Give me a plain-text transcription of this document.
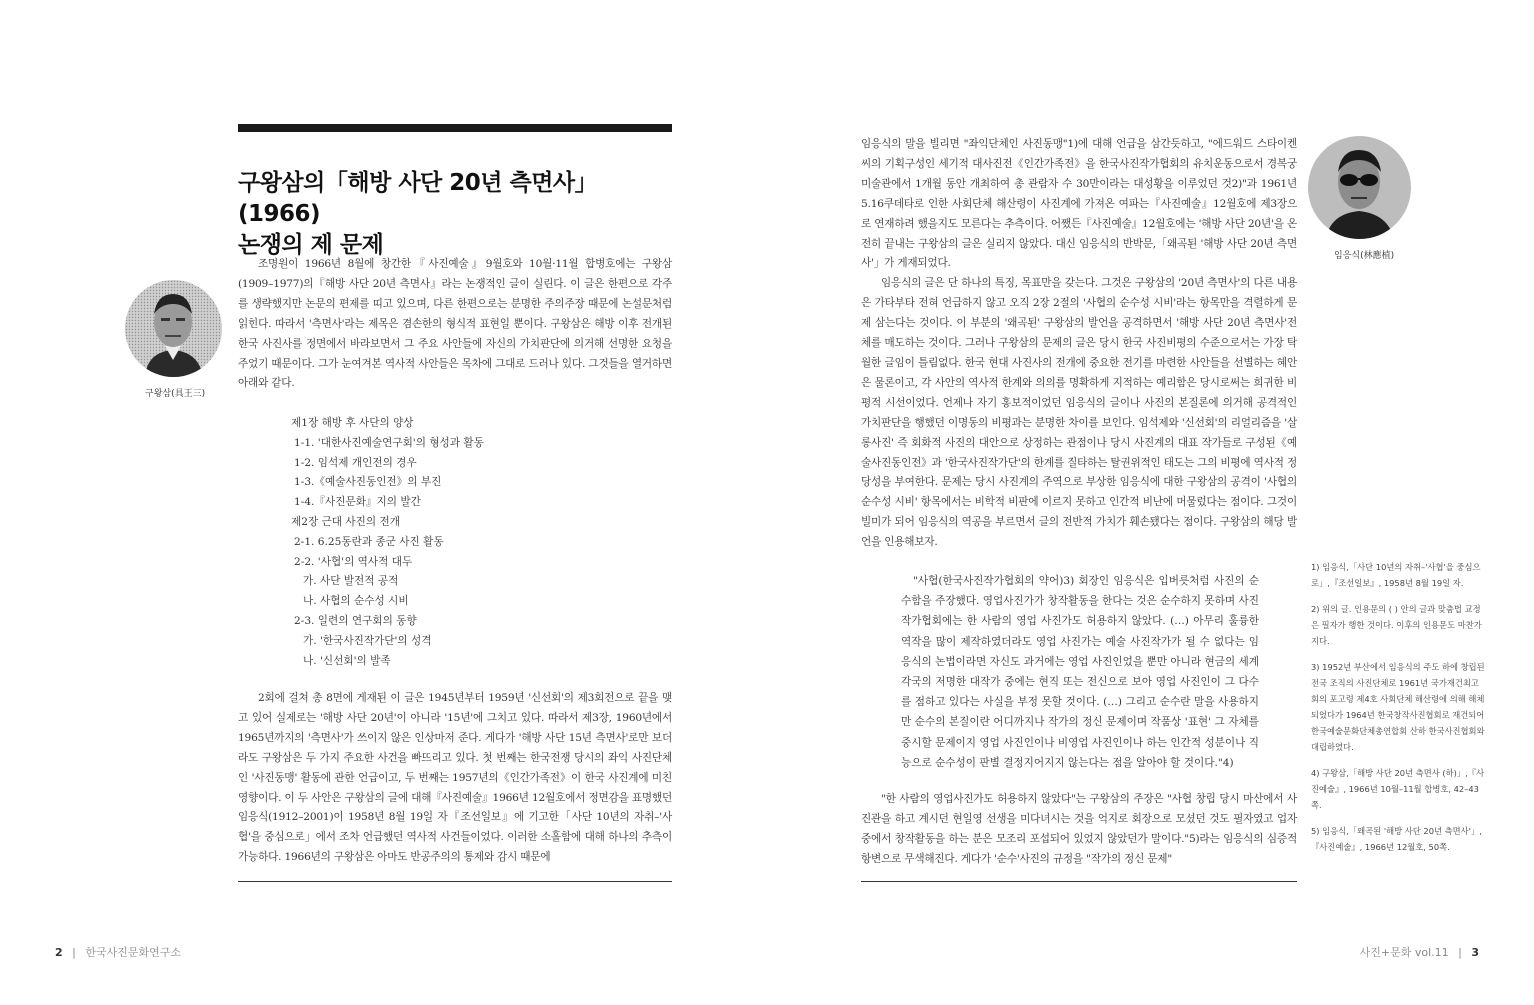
구왕삼의「해방 사단 20년 측면사」(1966)
논쟁의 제 문제

조명원이 1966년 8월에 창간한『사진예술』9월호와 10월·11월 합병호에는 구왕삼(1909–1977)의『해방 사단 20년 측면사』라는 논쟁적인 글이 실린다. 이 글은 한편으로 각주를 생략했지만 논문의 편제를 띠고 있으며, 다른 한편으로는 분명한 주의주장 때문에 논설문처럼 읽힌다. 따라서 '측면사'라는 제목은 겸손한의 형식적 표현일 뿐이다. 구왕삼은 해방 이후 전개된 한국 사진사를 정면에서 바라보면서 그 주요 사안들에 자신의 가치판단에 의거해 선명한 요청을 주었기 때문이다. 그가 눈여겨본 역사적 사안들은 목차에 그대로 드러나 있다. 그것들을 열거하면 아래와 같다.

제1장 해방 후 사단의 양상
1-1. '대한사진예술연구회'의 형성과 활동
1-2. 임석제 개인전의 경우
1-3.《예술사진동인전》의 부진
1-4.『사진문화』지의 발간
제2장 근대 사진의 전개
2-1. 6.25동란과 종군 사진 활동
2-2. '사협'의 역사적 대두
가. 사단 발전적 공적
나. 사협의 순수성 시비
2-3. 일련의 연구회의 동향
가. '한국사진작가단'의 성격
나. '신선회'의 발족

2회에 걸쳐 총 8면에 게재된 이 글은 1945년부터 1959년 '신선회'의 제3회전으로 끝을 맺고 있어 실제로는 '해방 사단 20년'이 아니라 '15년'에 그치고 있다. 따라서 제3장, 1960년에서 1965년까지의 '측면사'가 쓰이지 않은 인상마저 준다. 게다가 '해방 사단 15년 측면사'로만 보더라도 구왕삼은 두 가지 주요한 사건을 빠뜨리고 있다. 첫 번째는 한국전쟁 당시의 좌익 사진단체인 '사진동맹' 활동에 관한 언급이고, 두 번째는 1957년의《인간가족전》이 한국 사진계에 미친 영향이다. 이 두 사안은 구왕삼의 글에 대해『사진예술』1966년 12월호에서 정면감을 표명했던 임응식(1912–2001)이 1958년 8월 19일 자『조선일보』에 기고한「사단 10년의 자취–'사협'을 중심으로」에서 조차 언급했던 역사적 사건들이었다. 이러한 소홀함에 대해 하나의 추측이 가능하다. 1966년의 구왕삼은 아마도 반공주의의 통제와 감시 때문에

구왕삼(具王三)

임응식의 말을 빌리면 "좌익단체인 사진동맹"1)에 대해 언급을 삼간듯하고, "에드워드 스타이켄 씨의 기획구성인 세기적 대사진전《인간가족전》을 한국사진작가협회의 유치운동으로서 경복궁미술관에서 1개월 동안 개최하여 총 관람자 수 30만이라는 대성황을 이루었던 것2)"과 1961년 5.16쿠데타로 인한 사회단체 해산령이 사진계에 가져온 여파는『사진예술』12월호에 제3장으로 연재하려 했을지도 모른다는 추측이다. 어쨌든『사진예술』12월호에는 '해방 사단 20년'을 온전히 끝내는 구왕삼의 글은 실리지 않았다. 대신 임응식의 반박문,「왜곡된 '해방 사단 20년 측면사'」가 게재되었다.

임응식의 글은 단 하나의 특징, 목표만을 갖는다. 그것은 구왕삼의 '20년 측면사'의 다른 내용은 가타부타 전혀 언급하지 않고 오직 2장 2절의 '사협의 순수성 시비'라는 항목만을 격렬하게 문제 삼는다는 것이다. 이 부분의 '왜곡된' 구왕삼의 발언을 공격하면서 '해방 사단 20년 측면사'전체를 매도하는 것이다. 그러나 구왕삼의 문제의 글은 당시 한국 사진비평의 수준으로서는 가장 탁월한 글임이 틀림없다. 한국 현대 사진사의 전개에 중요한 전기를 마련한 사안들을 선별하는 혜안은 물론이고, 각 사안의 역사적 한계와 의의를 명확하게 지적하는 예리함은 당시로써는 희귀한 비평적 시선이었다. 언제나 자기 홍보적이었던 임응식의 글이나 사진의 본질론에 의거해 공격적인 가치판단을 행했던 이명동의 비평과는 분명한 차이를 보인다. 임석제와 '신선회'의 리얼리즘을 '살롱사진' 즉 회화적 사진의 대안으로 상정하는 관점이나 당시 사진계의 대표 작가들로 구성된《예술사진동인전》과 '한국사진작가단'의 한계를 질타하는 탈권위적인 태도는 그의 비평에 역사적 정당성을 부여한다. 문제는 당시 사진계의 주역으로 부상한 임응식에 대한 구왕삼의 공격이 '사협의 순수성 시비' 항목에서는 비학적 비판에 이르지 못하고 인간적 비난에 머물렀다는 점이다. 그것이 빌미가 되어 임응식의 역공을 부르면서 글의 전반적 가치가 훼손됐다는 점이다. 구왕삼의 해당 발언을 인용해보자.

"사협(한국사진작가협회의 약어)3) 회장인 임응식은 입버릇처럼 사진의 순수함을 주장했다. 영업사진가가 창작활동을 한다는 것은 순수하지 못하며 사진작가협회에는 한 사람의 영업 사진가도 허용하지 않았다. (…) 아무리 훌륭한 역작을 많이 제작하였더라도 영업 사진가는 예술 사진작가가 될 수 없다는 임응식의 논법이라면 자신도 과거에는 영업 사진인었을 뿐만 아니라 현금의 세계 각국의 저명한 대작가 중에는 현직 또는 전신으로 보아 영업 사진인이 그 다수를 점하고 있다는 사실을 부정 못할 것이다. (…) 그리고 순수란 말을 사용하지만 순수의 본질이란 어디까지나 작가의 정신 문제이며 작품상 '표현' 그 자체를 중시할 문제이지 영업 사진인이나 비영업 사진인이나 하는 인간적 성분이나 직능으로 순수성이 판별 결정지어지지 않는다는 점을 알아야 할 것이다."4)

"한 사람의 영업사진가도 허용하지 않았다"는 구왕삼의 주장은 "사협 창립 당시 마산에서 사진관을 하고 계시던 현일영 선생을 미다녀시는 것을 억지로 회장으로 모셨던 것도 필자였고 업자 중에서 창작활동을 하는 분은 모조리 포섭되어 있었지 않았던가 말이다."5)라는 임응식의 심증적 항변으로 무색해진다. 게다가 '순수'사진의 규정을 "작가의 정신 문제"

임응식(林應植)

1) 임응식,「사단 10년의 자취–'사협'을 중심으로」,『조선일보』, 1958년 8월 19일 자.

2) 위의 글. 인용문의 ( ) 안의 글과 맞춤법 교정은 필자가 행한 것이다. 이후의 인용문도 마찬가지다.

3) 1952년 부산에서 임응식의 주도 하에 창립된 전국 조직의 사진단체로 1961년 국가재건최고회의 포고령 제4호 사회단체 해산령에 의해 해체되었다가 1964년 한국창작사진협회로 재건되어 한국예술문화단체총연합회 산하 한국사진협회와 대립하였다.

4) 구왕삼,「해방 사단 20년 측면사 (하)」,『사진예술』, 1966년 10월–11월 합병호, 42–43쪽.

5) 임응식,「왜곡된 '해방 사단 20년 측면사'」,『사진예술』, 1966년 12월호, 50쪽.

2 | 한국사진문화연구소	사진+문화 vol.11 | 3
